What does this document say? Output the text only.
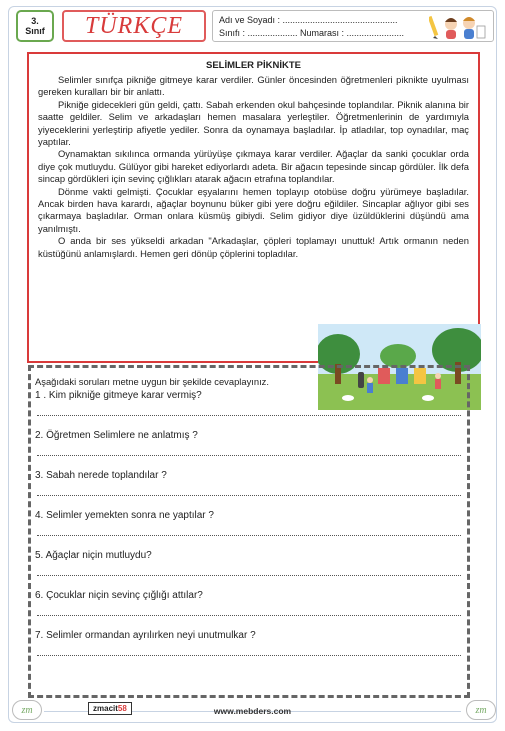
3.
Sınıf TÜRKÇE	Adı ve Soyadı : ..............................................
Sınıfı : .................... Numarası : .......................
SELİMLER PİKNİKTE

Selimler sınıfça pikniğe gitmeye karar verdiler. Günler öncesinden öğretmenleri piknikte uyulması gereken kuralları bir bir anlattı.

Pikniğe gidecekleri gün geldi, çattı. Sabah erkenden okul bahçesinde toplandılar. Piknik alanına bir saatte geldiler. Selim ve arkadaşları hemen masalara yerleştiler. Öğretmenlerinin de yardımıyla yiyeceklerini yerleştirip afiyetle yediler. Sonra da oynamaya başladılar. İp atladılar, top oynadılar, maç yaptılar.

Oynamaktan sıkılınca ormanda yürüyüşe çıkmaya karar verdiler. Ağaçlar da sanki çocuklar orda diye çok mutluydu. Gülüyor gibi hareket ediyorlardı adeta. Bir ağacın tepesinde sincap gördüler. İlk defa sincap gördükleri için sevinç çığlıkları atarak ağacın etrafına toplandılar.

Dönme vakti gelmişti. Çocuklar eşyalarını hemen toplayıp otobüse doğru yürümeye başladılar. Ancak birden hava karardı, ağaçlar boynunu büker gibi yere doğru eğildiler. Sincaplar ağlıyor gibi ses çıkarmaya başladılar. Orman onlara küsmüş gibiydi. Selim gidiyor diye üzüldüklerini düşündü ama yanılmıştı.

O anda bir ses yükseldi arkadan "Arkadaşlar, çöpleri toplamayı unuttuk! Artık ormanın neden küstüğünü anlamışlardı. Hemen geri dönüp çöplerini topladılar.

Aşağıdaki soruları metne uygun bir şekilde cevaplayınız.
1 . Kim pikniğe gitmeye karar vermiş?
2. Öğretmen Selimlere ne anlatmış ?
3. Sabah nerede toplandılar ?
4. Selimler yemekten sonra ne yaptılar ?
5. Ağaçlar niçin mutluydu?
6. Çocuklar niçin sevinç çığlığı attılar?
7. Selimler ormandan ayrılırken neyi unutmulkar ?
zm	zmacit58	www.mebders.com	zm
